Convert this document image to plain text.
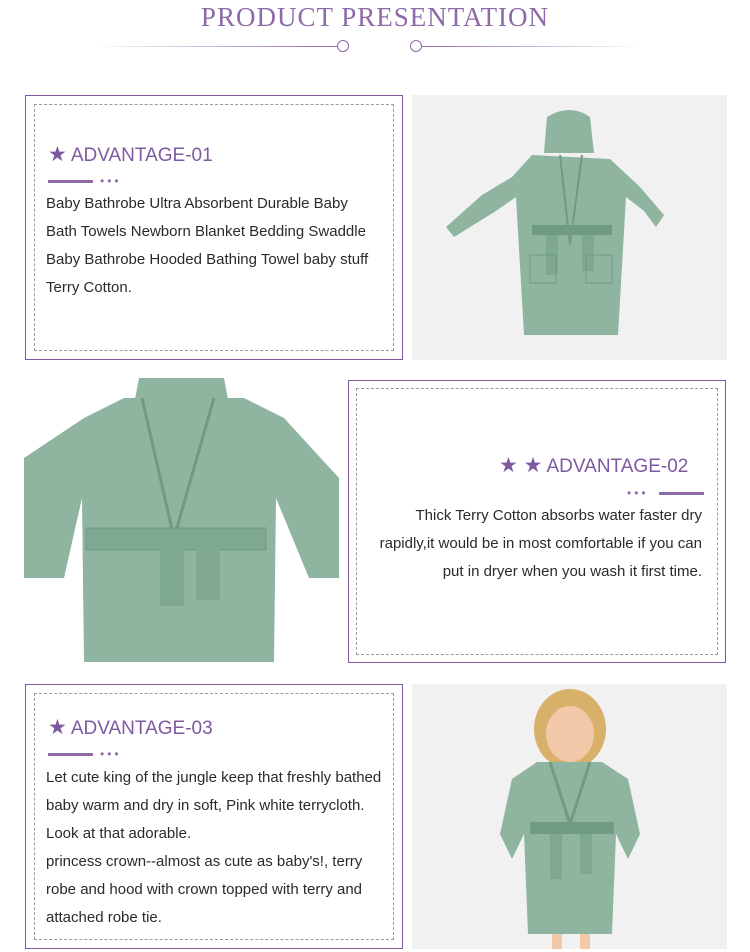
PRODUCT PRESENTATION
★ ADVANTAGE-01
•••
Baby Bathrobe Ultra Absorbent Durable Baby
Bath Towels Newborn Blanket Bedding Swaddle
Baby Bathrobe Hooded Bathing Towel baby stuff
Terry Cotton.
★ ★ ADVANTAGE-02
•••
Thick Terry Cotton absorbs water faster dry
rapidly,it would be in most comfortable if you can
put in dryer when you wash it first time.
★ ADVANTAGE-03
•••
Let cute king of the jungle keep that freshly bathed
baby warm and dry in soft, Pink white terrycloth.
Look at that adorable.
princess crown--almost as cute as baby's!, terry
robe and hood with crown topped with terry and
attached robe tie.
